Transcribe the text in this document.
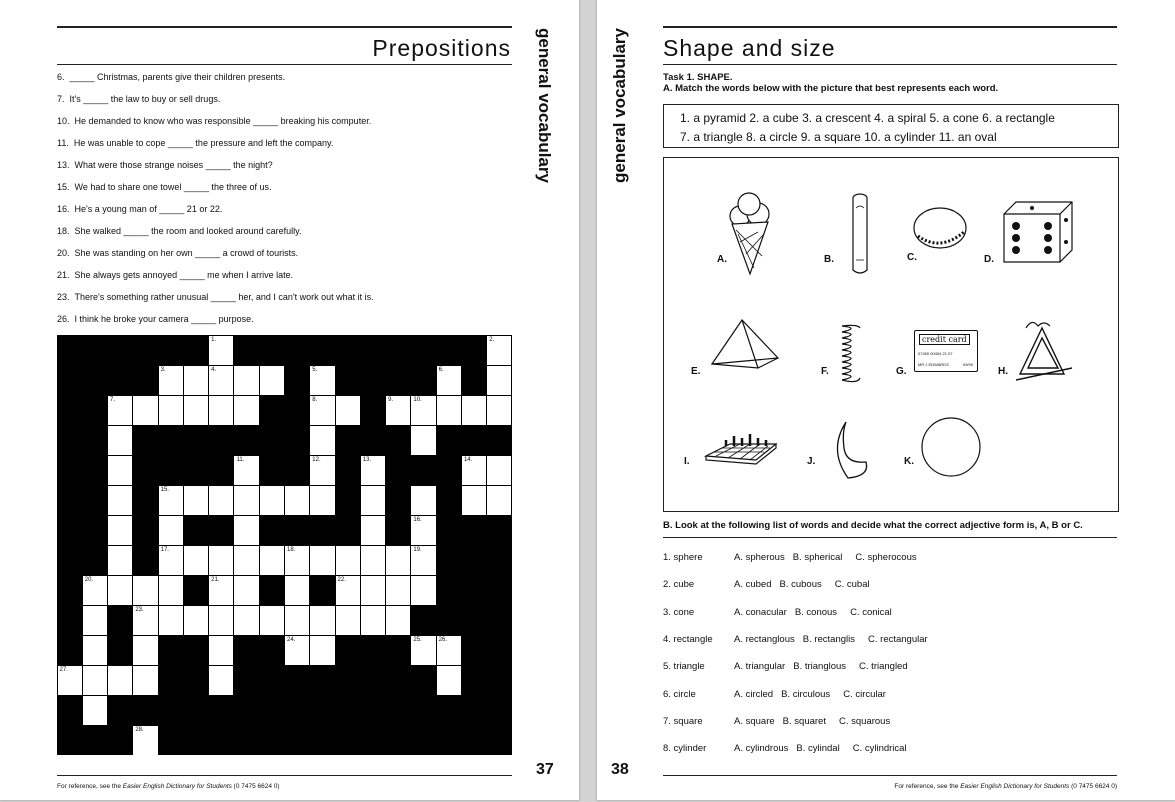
Prepositions general vocabulary
6. _____ Christmas, parents give their children presents.
7. It's _____ the law to buy or sell drugs.
10. He demanded to know who was responsible _____ breaking his computer.
11. He was unable to cope _____ the pressure and left the company.
13. What were those strange noises _____ the night?
15. We had to share one towel _____ the three of us.
16. He's a young man of _____ 21 or 22.
18. She walked _____ the room and looked around carefully.
20. She was standing on her own _____ a crowd of tourists.
21. She always gets annoyed _____ me when I arrive late.
23. There's something rather unusual _____ her, and I can't work out what it is.
26. I think he broke your camera _____ purpose.
1.	2.
3.	4.	5.	6.
7.	8.	9.	10.
11.	12.	13.	14.
15.
16.
17.	18.	19.
20.	21.	22.
23.
24.	25.	26.
27.
28.
37
For reference, see the Easier English Dictionary for Students (0 7475 6624 0)
Shape and size
general vocabulary	Task 1. SHAPE.
A. Match the words below with the picture that best represents each word.
1. a pyramid 2. a cube 3. a crescent 4. a spiral 5. a cone 6. a rectangle
7. a triangle 8. a circle 9. a square 10. a cylinder 11. an oval
A.	B.	C.	D.
E.	F.
credit card
07450 00454 21 07
MR J EDWARDS	09/99
G.	H.
I.	J.	K.
B. Look at the following list of words and decide what the correct adjective form is, A, B or C.
1. sphere	A. spherous B. spherical C. spherocous
2. cube	A. cubed B. cubous C. cubal
3. cone	A. conacular B. conous C. conical
4. rectangle A. rectanglous B. rectanglis C. rectangular
5. triangle	A. triangular B. trianglous C. triangled
6. circle	A. circled B. circulous C. circular
7. square	A. square B. squaret C. squarous
8. cylinder	A. cylindrous B. cylindal C. cylindrical
38
For reference, see the Easier English Dictionary for Students (0 7475 6624 0)
